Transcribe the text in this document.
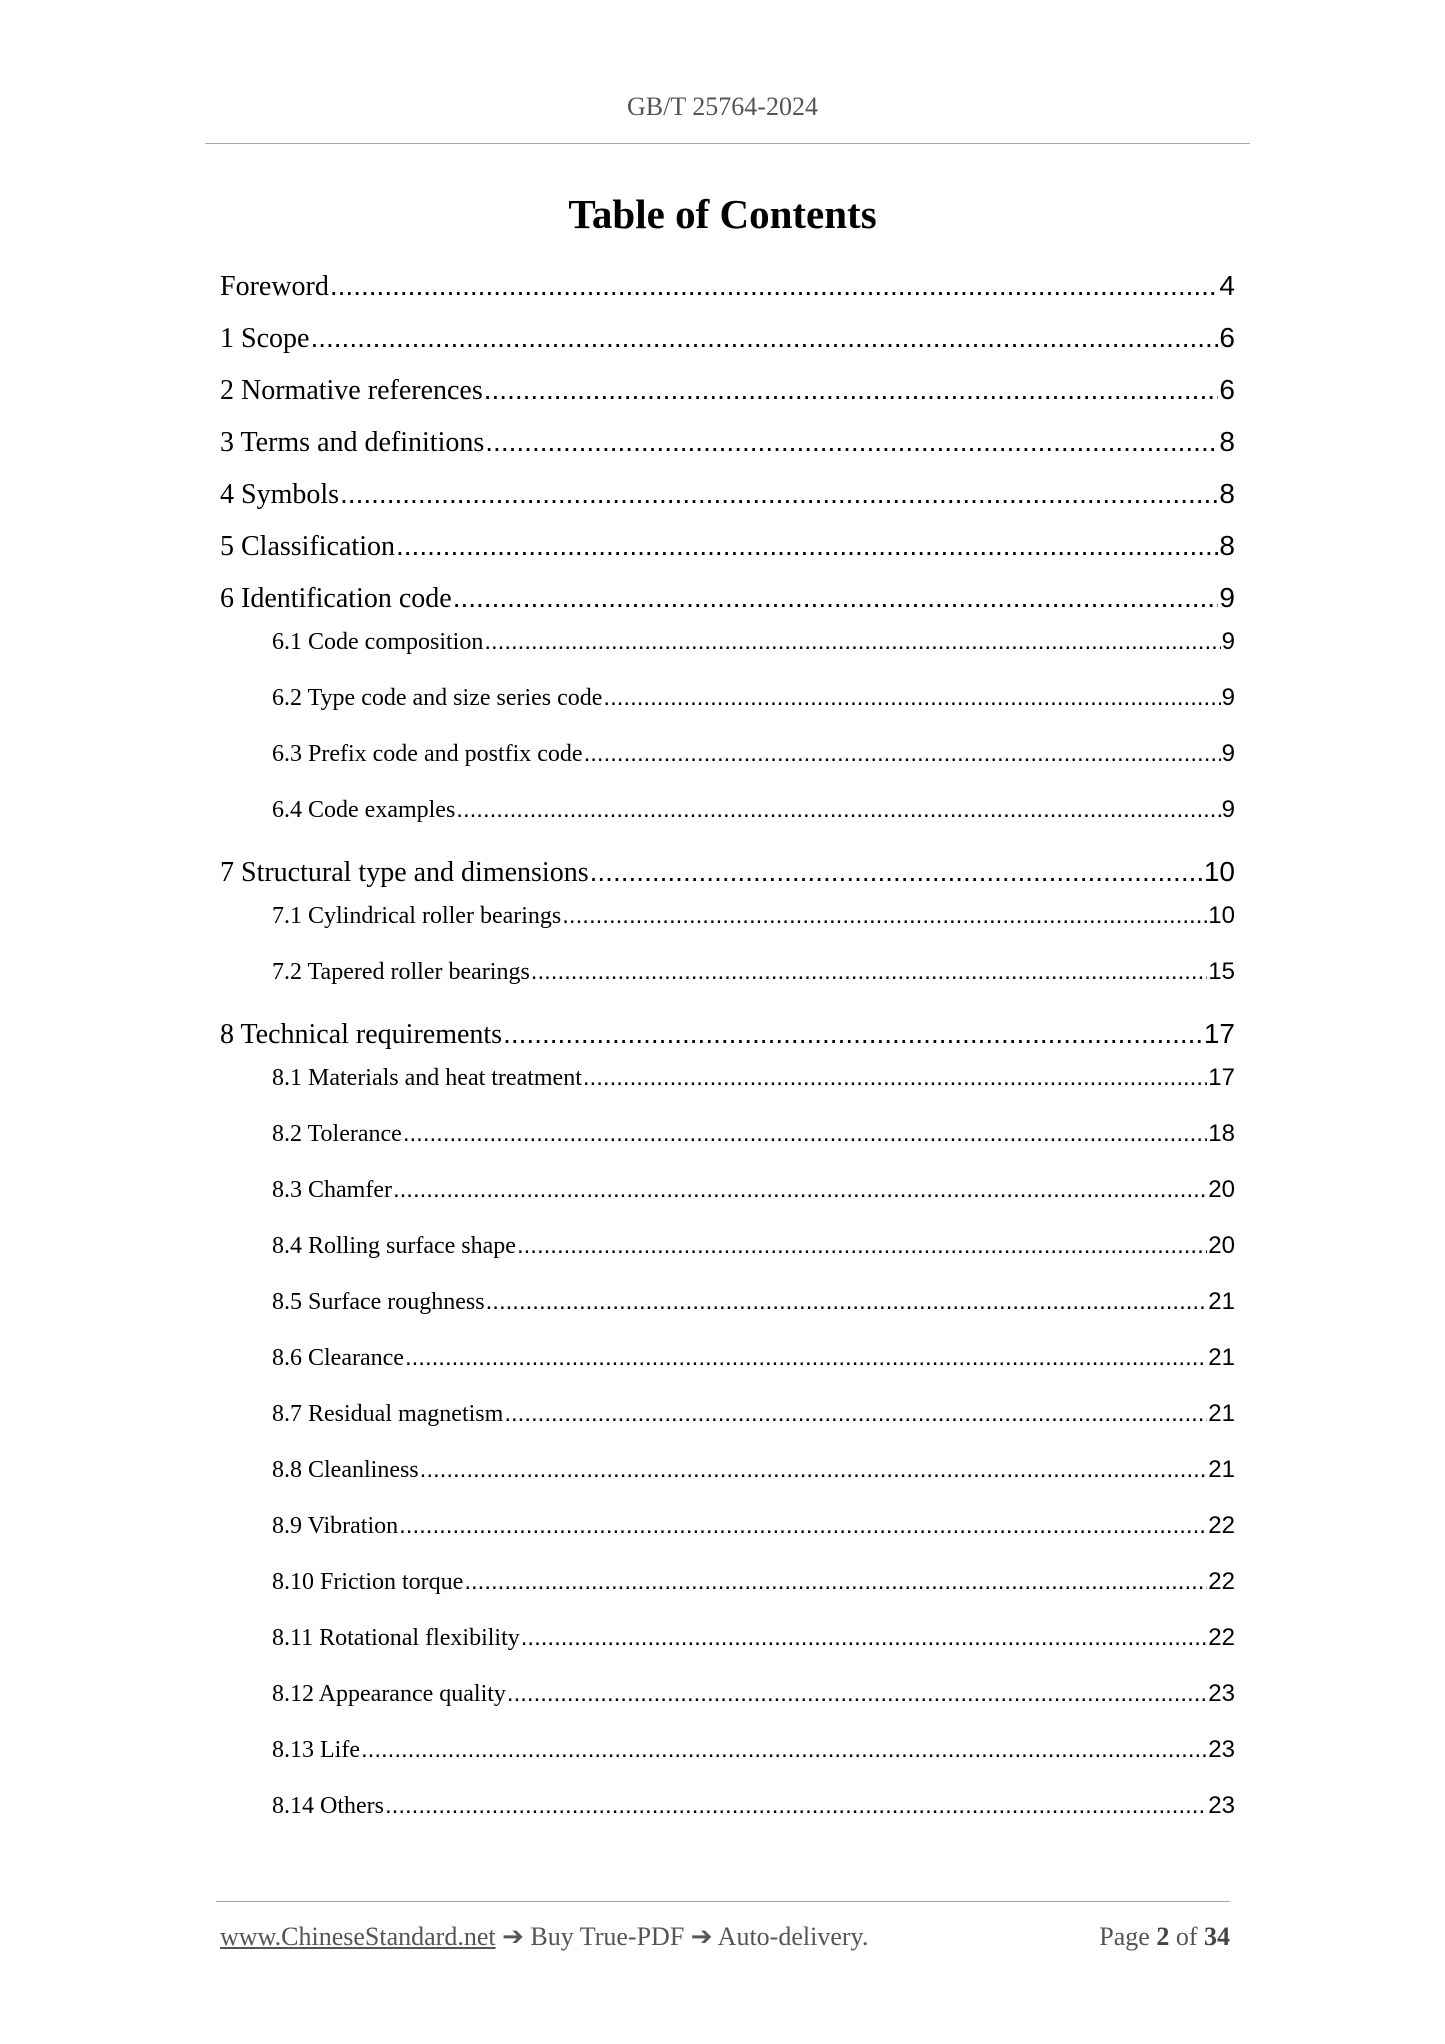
GB/T 25764-2024
Table of Contents
Foreword .....	4
1 Scope .....	6
2 Normative references .....	6
3 Terms and definitions .....	8
4 Symbols .....	8
5 Classification .....	8
6 Identification code .....	9
6.1 Code composition .....	9
6.2 Type code and size series code .....	9
6.3 Prefix code and postfix code .....	9
6.4 Code examples .....	9
7 Structural type and dimensions .....	10
7.1 Cylindrical roller bearings .....	10
7.2 Tapered roller bearings .....	15
8 Technical requirements .....	17
8.1 Materials and heat treatment .....	17
8.2 Tolerance .....	18
8.3 Chamfer .....	20
8.4 Rolling surface shape .....	20
8.5 Surface roughness .....	21
8.6 Clearance .....	21
8.7 Residual magnetism .....	21
8.8 Cleanliness .....	21
8.9 Vibration .....	22
8.10 Friction torque .....	22
8.11 Rotational flexibility .....	22
8.12 Appearance quality .....	23
8.13 Life .....	23
8.14 Others .....	23
www.ChineseStandard.net ➔ Buy True-PDF ➔ Auto-delivery.	Page 2 of 34
